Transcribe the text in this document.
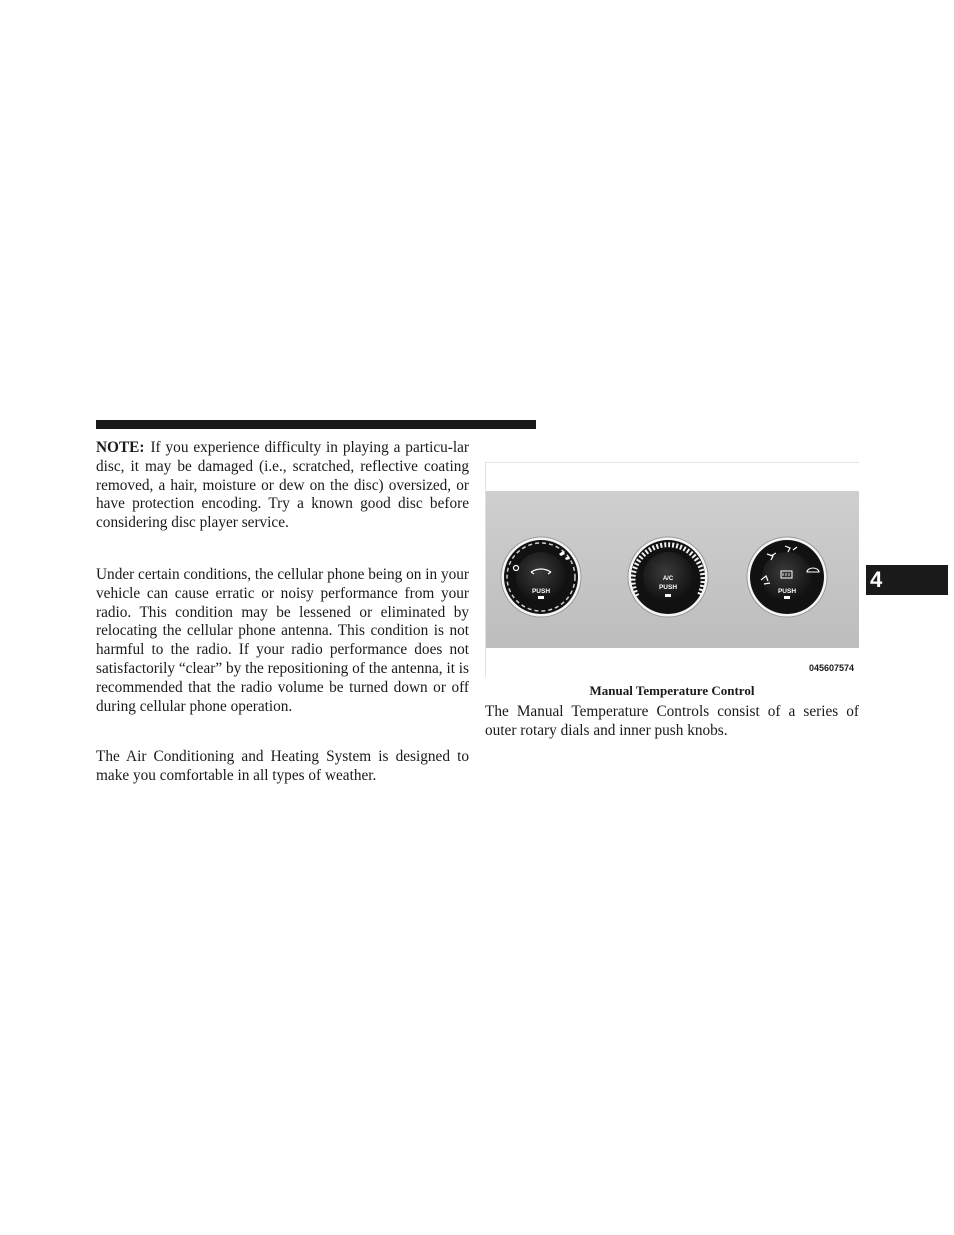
NOTE: If you experience difficulty in playing a particu-lar disc, it may be damaged (i.e., scratched, reflective coating removed, a hair, moisture or dew on the disc) oversized, or have protection encoding. Try a known good disc before considering disc player service.
Under certain conditions, the cellular phone being on in your vehicle can cause erratic or noisy performance from your radio. This condition may be lessened or eliminated by relocating the cellular phone antenna. This condition is not harmful to the radio. If your radio performance does not satisfactorily “clear” by the repositioning of the antenna, it is recommended that the radio volume be turned down or off during cellular phone operation.
The Air Conditioning and Heating System is designed to make you comfortable in all types of weather.
PUSH
A/C
PUSH
PUSH
045607574
Manual Temperature Control
The Manual Temperature Controls consist of a series of outer rotary dials and inner push knobs.
4
